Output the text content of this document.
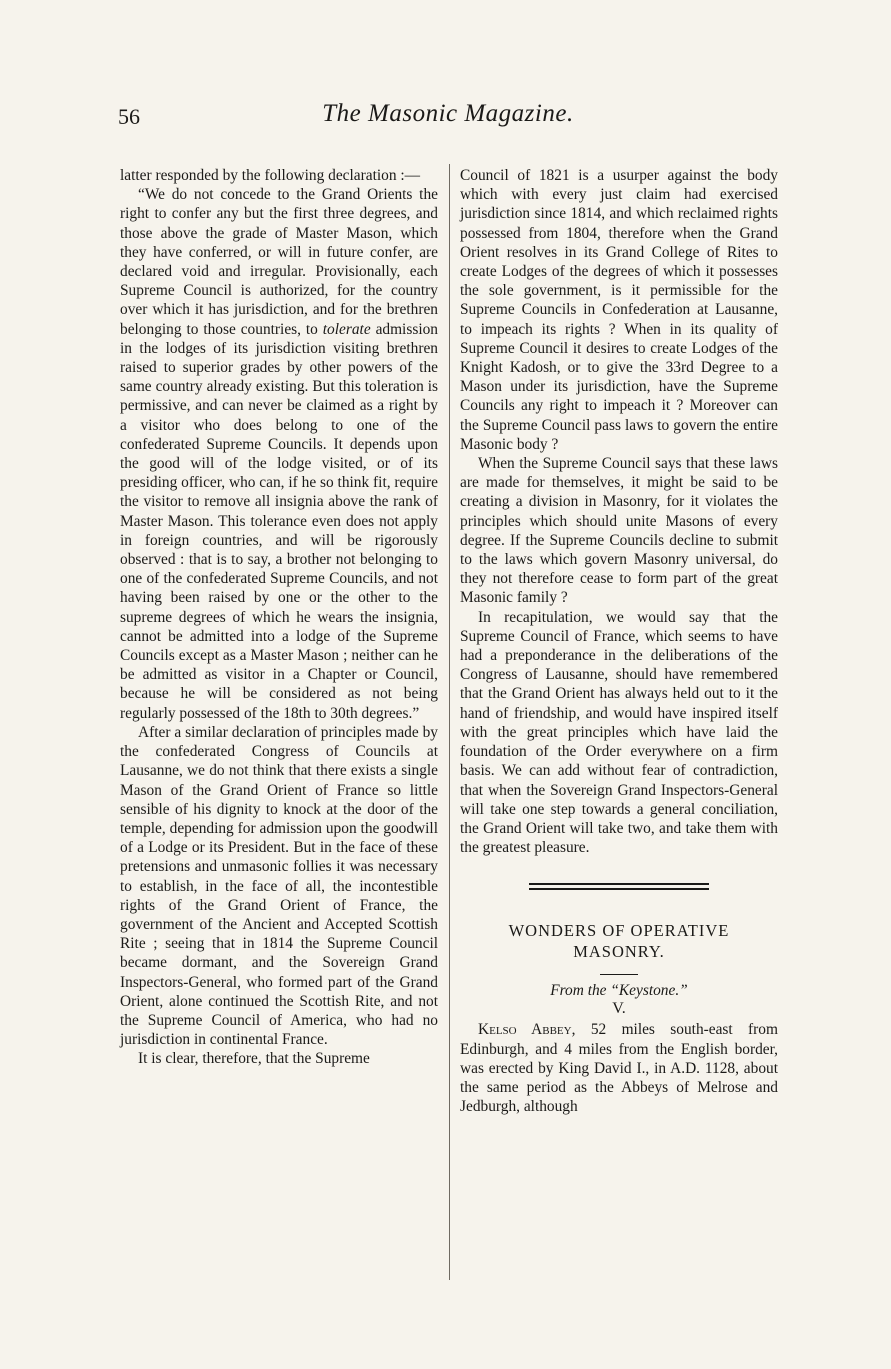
56	The Masonic Magazine.

latter responded by the following declaration :—

“We do not concede to the Grand Orients the right to confer any but the first three degrees, and those above the grade of Master Mason, which they have conferred, or will in future confer, are declared void and irregular. Provisionally, each Supreme Council is authorized, for the country over which it has jurisdiction, and for the brethren belonging to those countries, to tolerate admission in the lodges of its jurisdiction visiting brethren raised to superior grades by other powers of the same country already existing. But this toleration is permissive, and can never be claimed as a right by a visitor who does belong to one of the confederated Supreme Councils. It depends upon the good will of the lodge visited, or of its presiding officer, who can, if he so think fit, require the visitor to remove all insignia above the rank of Master Mason. This tolerance even does not apply in foreign countries, and will be rigorously observed : that is to say, a brother not belonging to one of the confederated Supreme Councils, and not having been raised by one or the other to the supreme degrees of which he wears the insignia, cannot be admitted into a lodge of the Supreme Councils except as a Master Mason ; neither can he be admitted as visitor in a Chapter or Council, because he will be considered as not being regularly possessed of the 18th to 30th degrees.”

After a similar declaration of principles made by the confederated Congress of Councils at Lausanne, we do not think that there exists a single Mason of the Grand Orient of France so little sensible of his dignity to knock at the door of the temple, depending for admission upon the goodwill of a Lodge or its President. But in the face of these pretensions and unmasonic follies it was necessary to establish, in the face of all, the incontestible rights of the Grand Orient of France, the government of the Ancient and Accepted Scottish Rite ; seeing that in 1814 the Supreme Council became dormant, and the Sovereign Grand Inspectors-General, who formed part of the Grand Orient, alone continued the Scottish Rite, and not the Supreme Council of America, who had no jurisdiction in continental France.

It is clear, therefore, that the Supreme

Council of 1821 is a usurper against the body which with every just claim had exercised jurisdiction since 1814, and which reclaimed rights possessed from 1804, therefore when the Grand Orient resolves in its Grand College of Rites to create Lodges of the degrees of which it possesses the sole government, is it permissible for the Supreme Councils in Confederation at Lausanne, to impeach its rights ? When in its quality of Supreme Council it desires to create Lodges of the Knight Kadosh, or to give the 33rd Degree to a Mason under its jurisdiction, have the Supreme Councils any right to impeach it ? Moreover can the Supreme Council pass laws to govern the entire Masonic body ?

When the Supreme Council says that these laws are made for themselves, it might be said to be creating a division in Masonry, for it violates the principles which should unite Masons of every degree. If the Supreme Councils decline to submit to the laws which govern Masonry universal, do they not therefore cease to form part of the great Masonic family ?

In recapitulation, we would say that the Supreme Council of France, which seems to have had a preponderance in the deliberations of the Congress of Lausanne, should have remembered that the Grand Orient has always held out to it the hand of friendship, and would have inspired itself with the great principles which have laid the foundation of the Order everywhere on a firm basis. We can add without fear of contradiction, that when the Sovereign Grand Inspectors-General will take one step towards a general conciliation, the Grand Orient will take two, and take them with the greatest pleasure.

WONDERS OF OPERATIVE
MASONRY.
From the “Keystone.”
V.

Kelso Abbey, 52 miles south-east from Edinburgh, and 4 miles from the English border, was erected by King David I., in A.D. 1128, about the same period as the Abbeys of Melrose and Jedburgh, although
